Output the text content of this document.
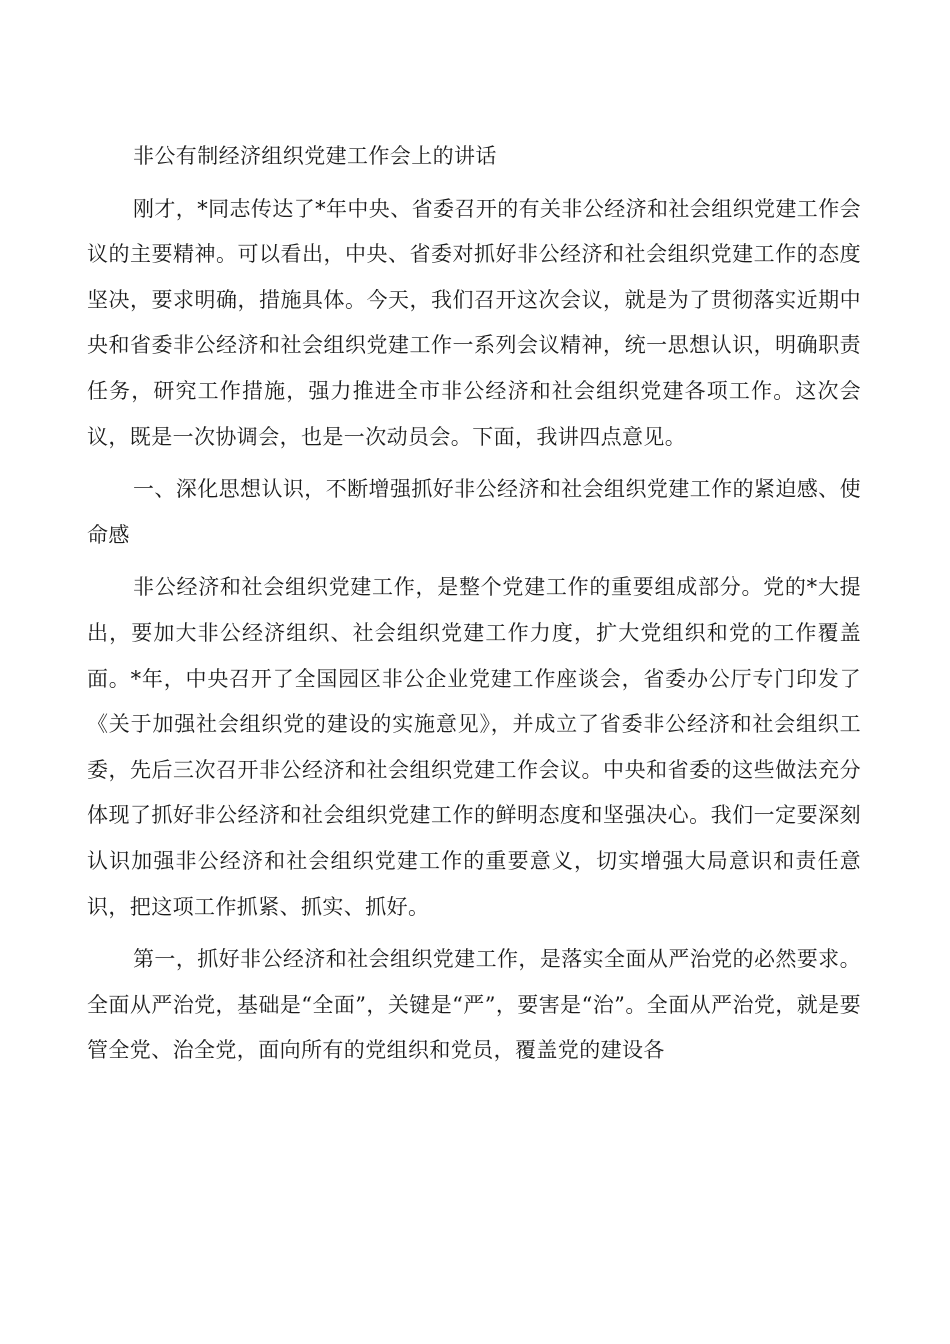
非公有制经济组织党建工作会上的讲话

刚才，*同志传达了*年中央、省委召开的有关非公经济和社会组织党建工作会议的主要精神。可以看出，中央、省委对抓好非公经济和社会组织党建工作的态度坚决，要求明确，措施具体。今天，我们召开这次会议，就是为了贯彻落实近期中央和省委非公经济和社会组织党建工作一系列会议精神，统一思想认识，明确职责任务，研究工作措施，强力推进全市非公经济和社会组织党建各项工作。这次会议，既是一次协调会，也是一次动员会。下面，我讲四点意见。

一、深化思想认识，不断增强抓好非公经济和社会组织党建工作的紧迫感、使命感

非公经济和社会组织党建工作，是整个党建工作的重要组成部分。党的*大提出，要加大非公经济组织、社会组织党建工作力度，扩大党组织和党的工作覆盖面。*年，中央召开了全国园区非公企业党建工作座谈会，省委办公厅专门印发了《关于加强社会组织党的建设的实施意见》，并成立了省委非公经济和社会组织工委，先后三次召开非公经济和社会组织党建工作会议。中央和省委的这些做法充分体现了抓好非公经济和社会组织党建工作的鲜明态度和坚强决心。我们一定要深刻认识加强非公经济和社会组织党建工作的重要意义，切实增强大局意识和责任意识，把这项工作抓紧、抓实、抓好。

第一，抓好非公经济和社会组织党建工作，是落实全面从严治党的必然要求。全面从严治党，基础是“全面”，关键是“严”，要害是“治”。全面从严治党，就是要管全党、治全党，面向所有的党组织和党员，覆盖党的建设各
